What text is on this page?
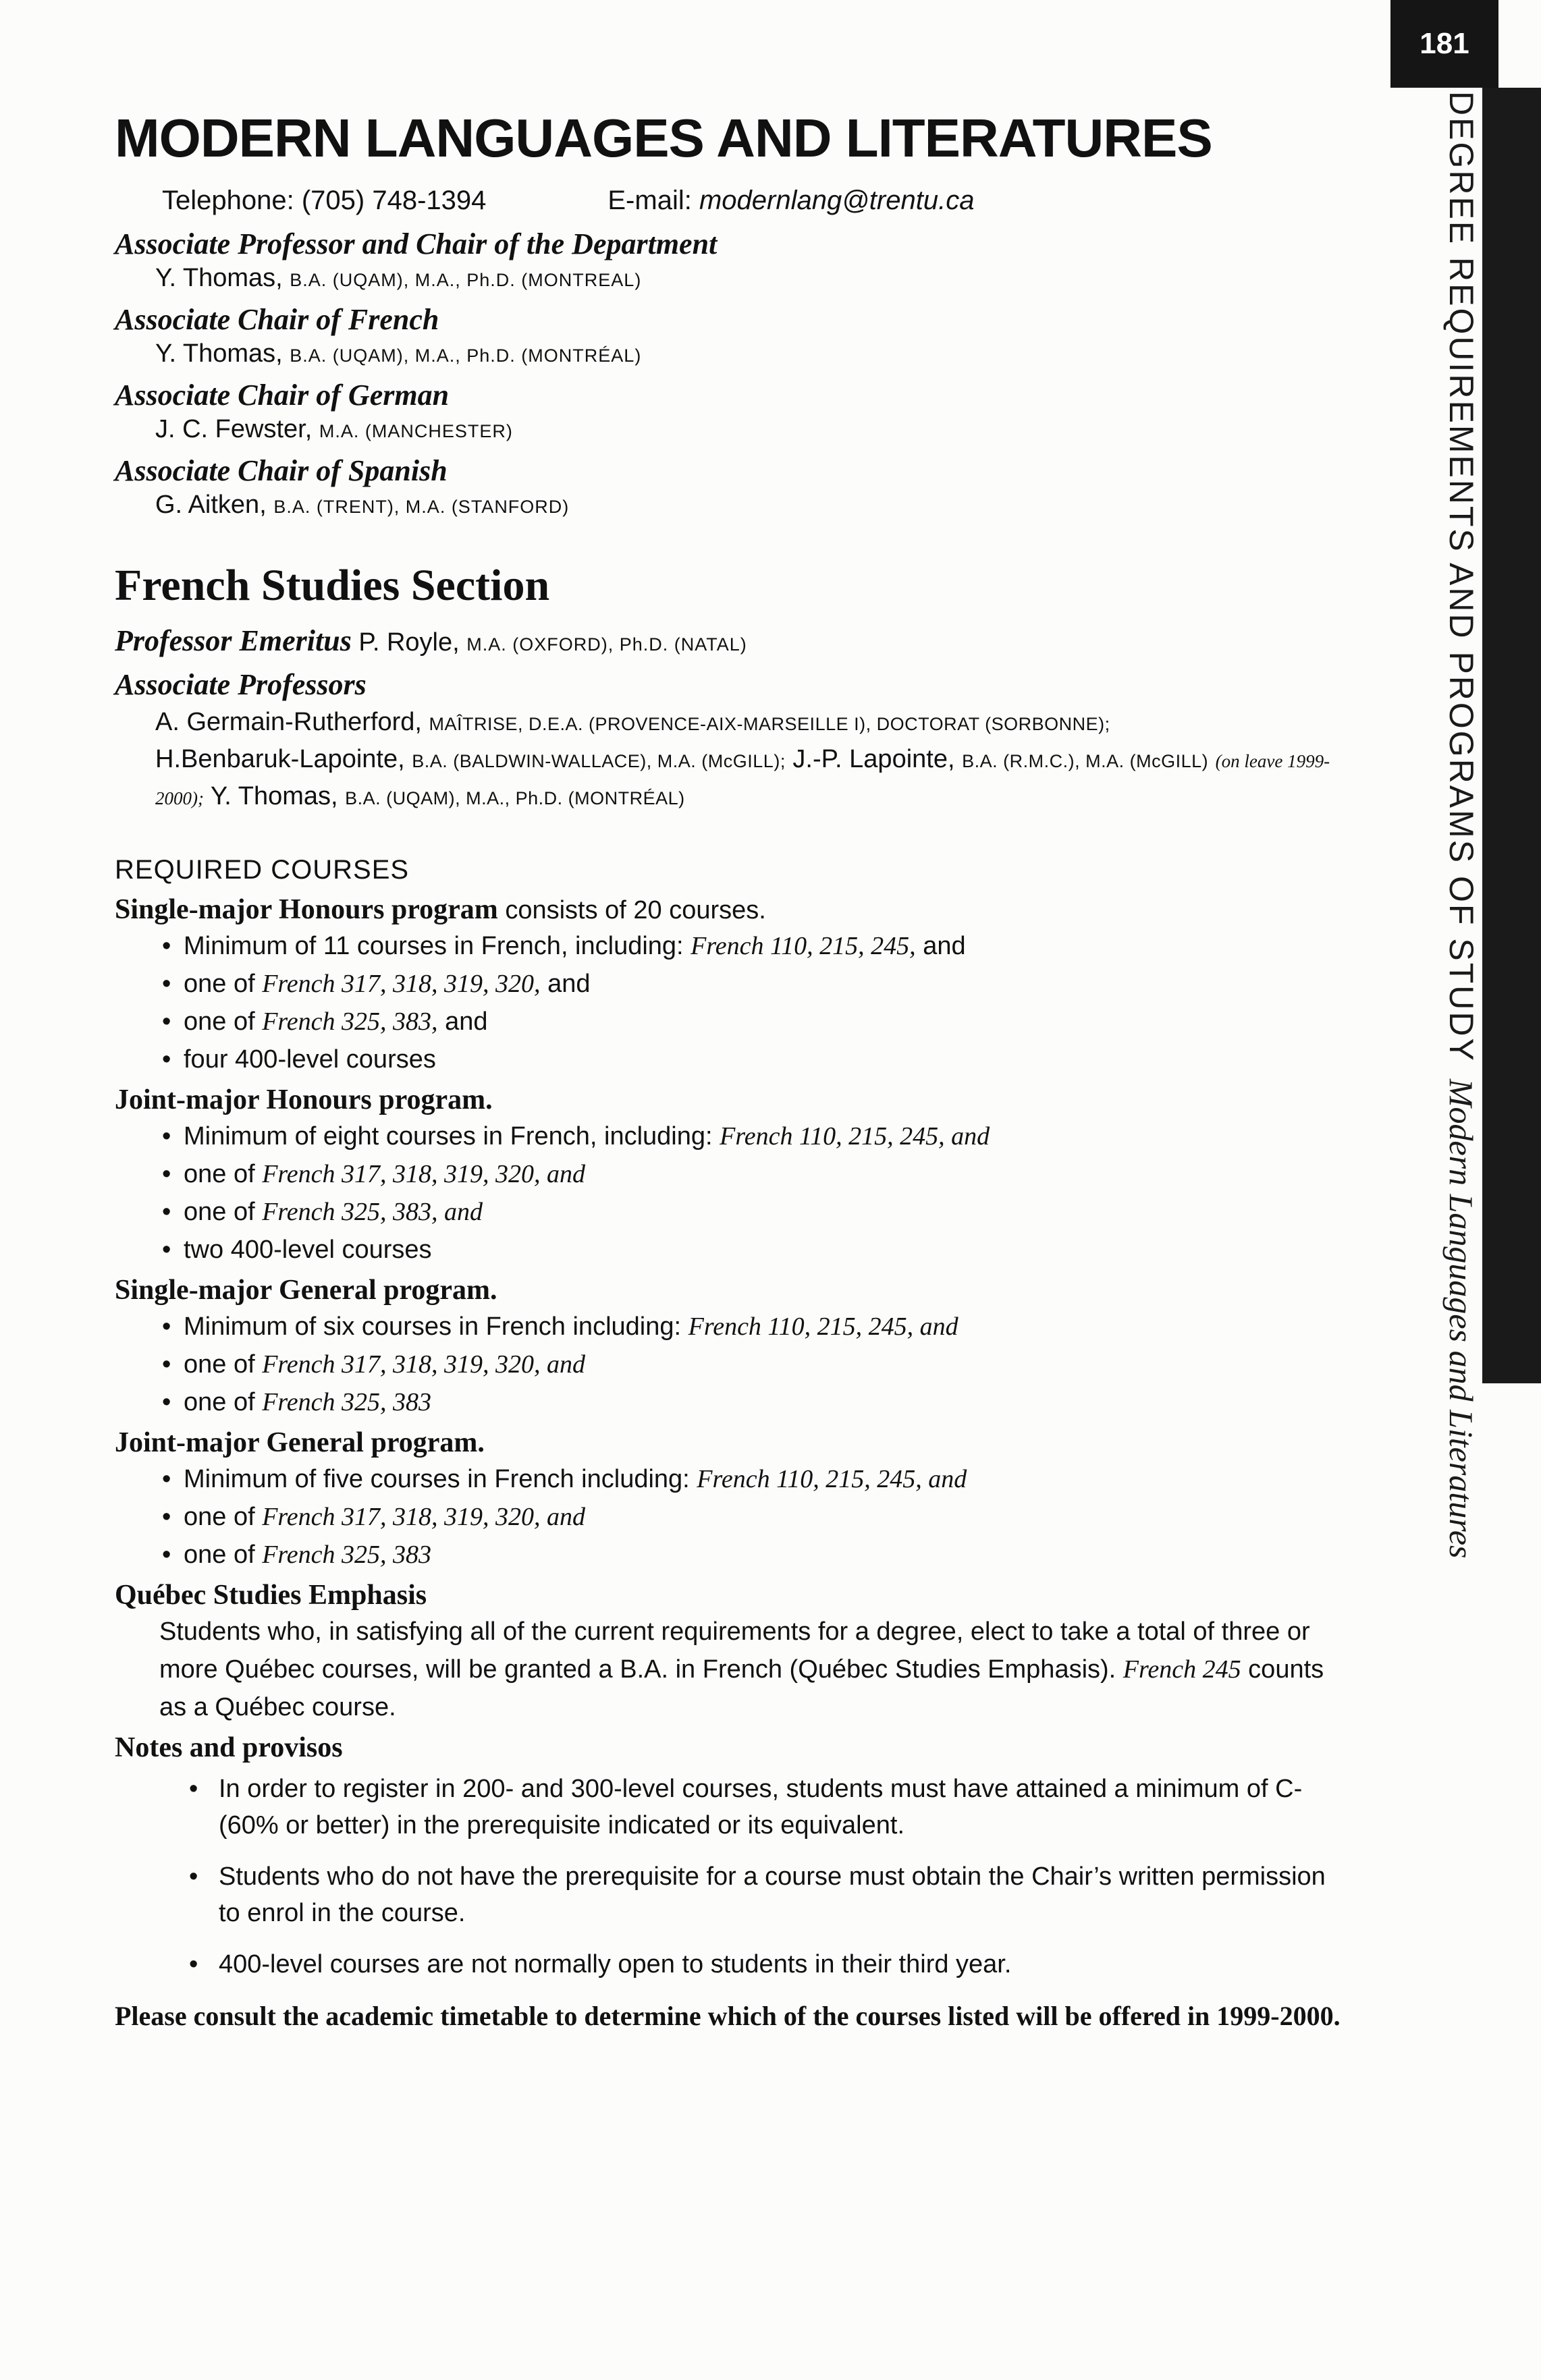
181
DEGREE REQUIREMENTS AND PROGRAMS OF STUDYModern Languages and Literatures
MODERN LANGUAGES AND LITERATURES
Telephone: (705) 748-1394	E-mail: modernlang@trentu.ca
Associate Professor and Chair of the Department
Y. Thomas, B.A. (UQAM), M.A., Ph.D. (MONTREAL)
Associate Chair of French
Y. Thomas, B.A. (UQAM), M.A., Ph.D. (MONTRÉAL)
Associate Chair of German
J. C. Fewster, M.A. (MANCHESTER)
Associate Chair of Spanish
G. Aitken, B.A. (TRENT), M.A. (STANFORD)
French Studies Section
Professor Emeritus P. Royle, M.A. (OXFORD), Ph.D. (NATAL)
Associate Professors
A. Germain-Rutherford, MAÎTRISE, D.E.A. (PROVENCE-AIX-MARSEILLE I), DOCTORAT (SORBONNE);
H.Benbaruk-Lapointe, B.A. (BALDWIN-WALLACE), M.A. (McGILL); J.-P. Lapointe, B.A. (R.M.C.), M.A. (McGILL) (on leave 1999-2000); Y. Thomas, B.A. (UQAM), M.A., Ph.D. (MONTRÉAL)
REQUIRED COURSES
Single-major Honours program consists of 20 courses.
• Minimum of 11 courses in French, including: French 110, 215, 245, and
• one of French 317, 318, 319, 320, and
• one of French 325, 383, and
• four 400-level courses
Joint-major Honours program.
• Minimum of eight courses in French, including: French 110, 215, 245, and
• one of French 317, 318, 319, 320, and
• one of French 325, 383, and
• two 400-level courses
Single-major General program.
• Minimum of six courses in French including: French 110, 215, 245, and
• one of French 317, 318, 319, 320, and
• one of French 325, 383
Joint-major General program.
• Minimum of five courses in French including: French 110, 215, 245, and
• one of French 317, 318, 319, 320, and
• one of French 325, 383
Québec Studies Emphasis
Students who, in satisfying all of the current requirements for a degree, elect to take a total of three or more Québec courses, will be granted a B.A. in French (Québec Studies Emphasis). French 245 counts as a Québec course.
Notes and provisos
• In order to register in 200- and 300-level courses, students must have attained a minimum of C- (60% or better) in the prerequisite indicated or its equivalent.
• Students who do not have the prerequisite for a course must obtain the Chair’s written permission to enrol in the course.
• 400-level courses are not normally open to students in their third year.
Please consult the academic timetable to determine which of the courses listed will be offered in 1999-2000.
